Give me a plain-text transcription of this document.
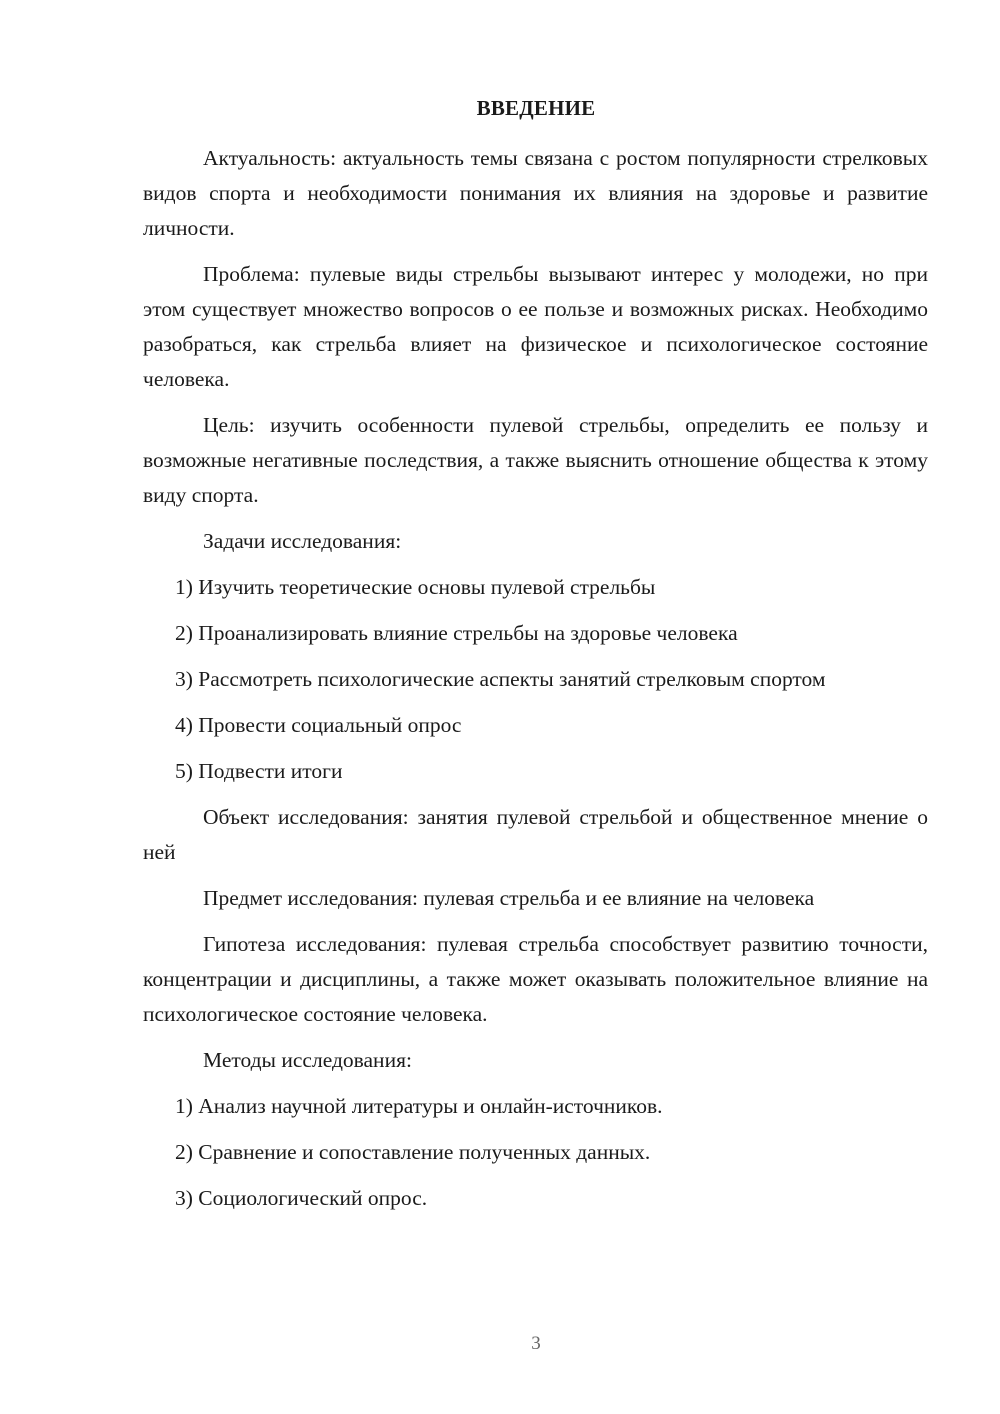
ВВЕДЕНИЕ

Актуальность: актуальность темы связана с ростом популярности стрелковых видов спорта и необходимости понимания их влияния на здоровье и развитие личности.

Проблема: пулевые виды стрельбы вызывают интерес у молодежи, но при этом существует множество вопросов о ее пользе и возможных рисках. Необходимо разобраться, как стрельба влияет на физическое и психологическое состояние человека.

Цель: изучить особенности пулевой стрельбы, определить ее пользу и возможные негативные последствия, а также выяснить отношение общества к этому виду спорта.

Задачи исследования:

1) Изучить теоретические основы пулевой стрельбы

2) Проанализировать влияние стрельбы на здоровье человека

3) Рассмотреть психологические аспекты занятий стрелковым спортом

4) Провести социальный опрос

5) Подвести итоги

Объект исследования: занятия пулевой стрельбой и общественное мнение о ней

Предмет исследования: пулевая стрельба и ее влияние на человека

Гипотеза исследования: пулевая стрельба способствует развитию точности, концентрации и дисциплины, а также может оказывать положительное влияние на психологическое состояние человека.

Методы исследования:

1) Анализ научной литературы и онлайн-источников.

2) Сравнение и сопоставление полученных данных.

3) Социологический опрос.

3
